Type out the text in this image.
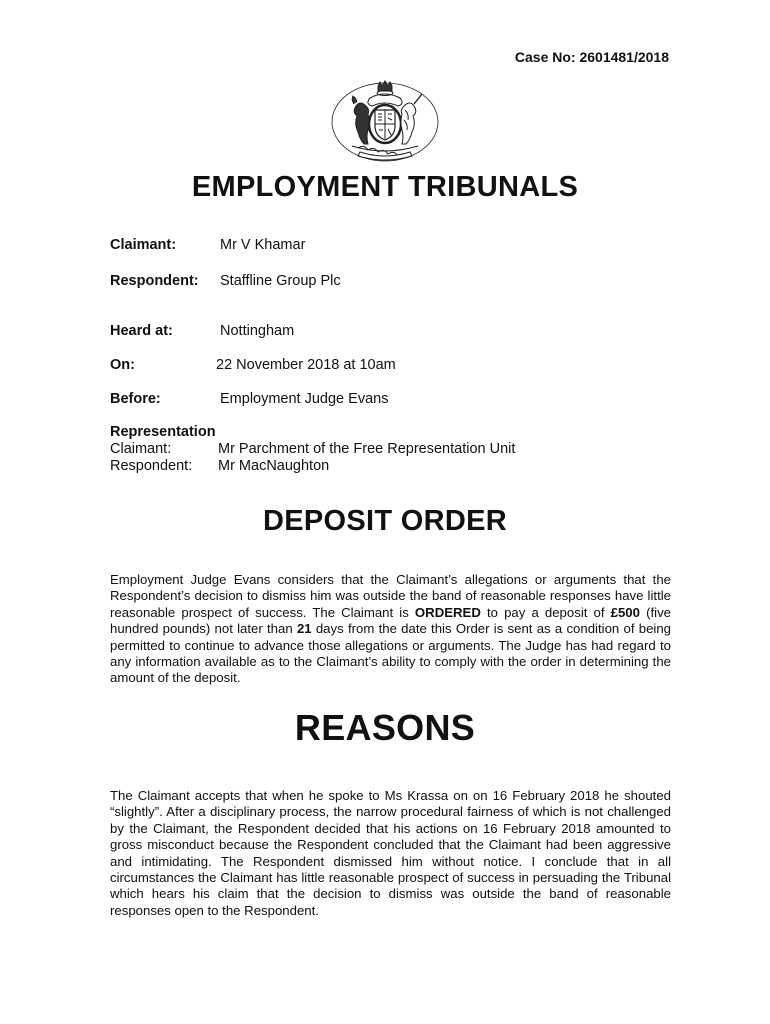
Case No: 2601481/2018
EMPLOYMENT TRIBUNALS
Claimant:	Mr V Khamar
Respondent: Staffline Group Plc
Heard at:	Nottingham
On:	22 November 2018 at 10am
Before:	Employment Judge Evans
Representation
Claimant:	Mr Parchment of the Free Representation Unit
Respondent: Mr MacNaughton
DEPOSIT ORDER
Employment Judge Evans considers that the Claimant’s allegations or arguments that the Respondent’s decision to dismiss him was outside the band of reasonable responses have little reasonable prospect of success. The Claimant is ORDERED to pay a deposit of £500 (five hundred pounds) not later than 21 days from the date this Order is sent as a condition of being permitted to continue to advance those allegations or arguments. The Judge has had regard to any information available as to the Claimant’s ability to comply with the order in determining the amount of the deposit.
REASONS
The Claimant accepts that when he spoke to Ms Krassa on on 16 February 2018 he shouted “slightly”. After a disciplinary process, the narrow procedural fairness of which is not challenged by the Claimant, the Respondent decided that his actions on 16 February 2018 amounted to gross misconduct because the Respondent concluded that the Claimant had been aggressive and intimidating. The Respondent dismissed him without notice. I conclude that in all circumstances the Claimant has little reasonable prospect of success in persuading the Tribunal which hears his claim that the decision to dismiss was outside the band of reasonable responses open to the Respondent.
